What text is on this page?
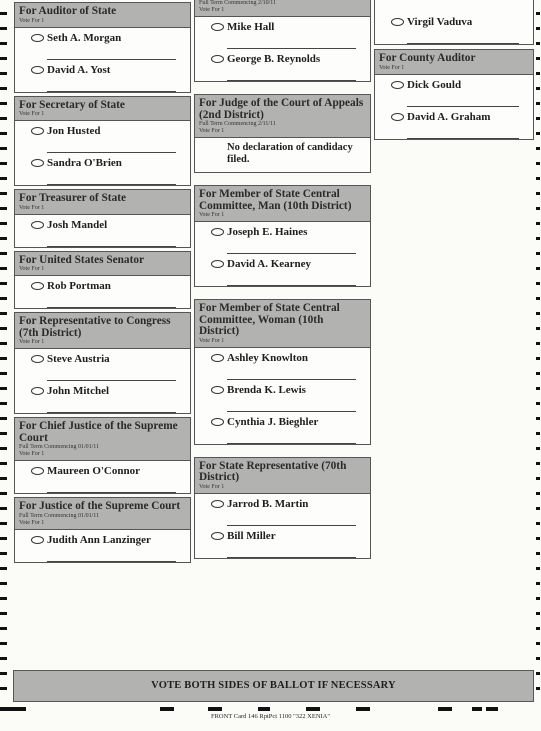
For Auditor of State
Vote For 1
Seth A. Morgan
David A. Yost
For Secretary of State
Vote For 1
Jon Husted
Sandra O'Brien
For Treasurer of State
Vote For 1
Josh Mandel
For United States Senator
Vote For 1
Rob Portman
For Representative to Congress (7th District)
Vote For 1
Steve Austria
John Mitchel
For Chief Justice of the Supreme Court
Full Term Commencing 01/01/11
Vote For 1
Maureen O'Connor
For Justice of the Supreme Court
Full Term Commencing 01/01/11
Vote For 1
Judith Ann Lanzinger
Full Term Commencing 2/10/11
Vote For 1
Mike Hall
George B. Reynolds
For Judge of the Court of Appeals (2nd District)
Full Term Commencing 2/11/11
Vote For 1
No declaration of candidacy filed.
For Member of State Central Committee, Man (10th District)
Vote For 1
Joseph E. Haines
David A. Kearney
For Member of State Central Committee, Woman (10th District)
Vote For 1
Ashley Knowlton
Brenda K. Lewis
Cynthia J. Bieghler
For State Representative (70th District)
Vote For 1
Jarrod B. Martin
Bill Miller
Virgil Vaduva
For County Auditor
Vote For 1
Dick Gould
David A. Graham
VOTE BOTH SIDES OF BALLOT IF NECESSARY
FRONT Card 146 RptPct 1100 "322 XENIA"
